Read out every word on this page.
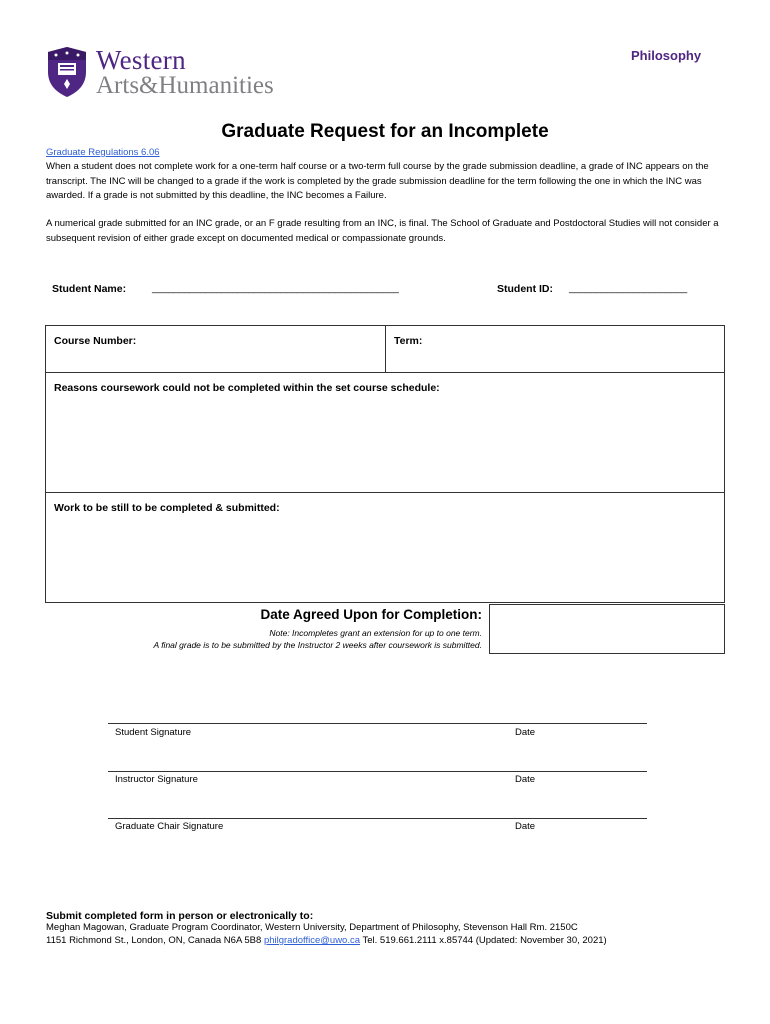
Western
Arts&Humanities
Philosophy
Graduate Request for an Incomplete
Graduate Regulations 6.06
When a student does not complete work for a one-term half course or a two-term full course by the grade submission deadline, a grade of INC appears on the transcript. The INC will be changed to a grade if the work is completed by the grade submission deadline for the term following the one in which the INC was awarded. If a grade is not submitted by this deadline, the INC becomes a Failure.
A numerical grade submitted for an INC grade, or an F grade resulting from an INC, is final. The School of Graduate and Postdoctoral Studies will not consider a subsequent revision of either grade except on documented medical or compassionate grounds.
Student Name:	______________________________________________	Student ID: ______________________
Course Number:	Term:
Reasons coursework could not be completed within the set course schedule:
Work to be still to be completed & submitted:
Date Agreed Upon for Completion:
Note: Incompletes grant an extension for up to one term.
A final grade is to be submitted by the Instructor 2 weeks after coursework is submitted.
Student Signature	Date
Instructor Signature	Date
Graduate Chair Signature	Date
Submit completed form in person or electronically to:
Meghan Magowan, Graduate Program Coordinator, Western University, Department of Philosophy, Stevenson Hall Rm. 2150C
1151 Richmond St., London, ON, Canada N6A 5B8 philgradoffice@uwo.ca Tel. 519.661.2111 x.85744 (Updated: November 30, 2021)
